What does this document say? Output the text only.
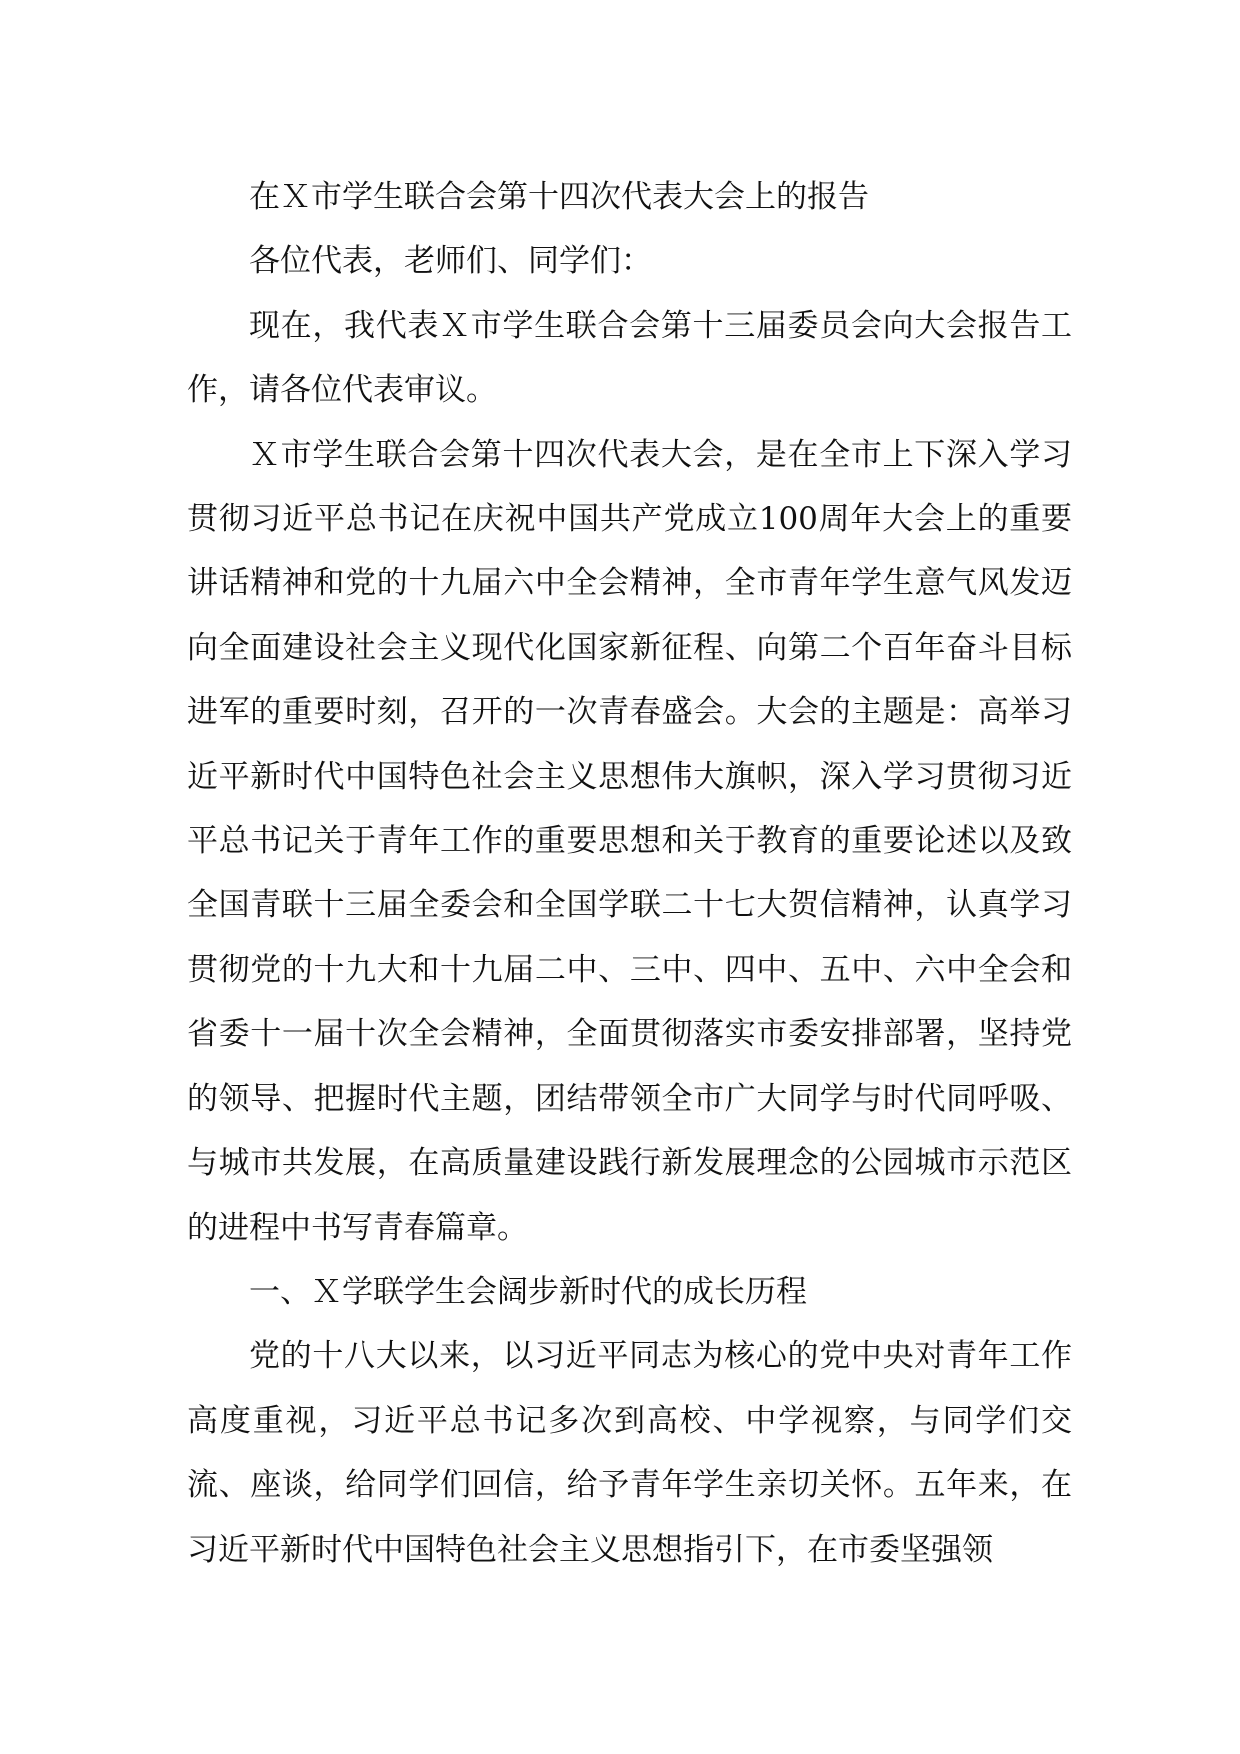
在Ｘ市学生联合会第十四次代表大会上的报告

各位代表，老师们、同学们：

现在，我代表Ｘ市学生联合会第十三届委员会向大会报告工作，请各位代表审议。

Ｘ市学生联合会第十四次代表大会，是在全市上下深入学习贯彻习近平总书记在庆祝中国共产党成立100周年大会上的重要讲话精神和党的十九届六中全会精神，全市青年学生意气风发迈向全面建设社会主义现代化国家新征程、向第二个百年奋斗目标进军的重要时刻，召开的一次青春盛会。大会的主题是：高举习近平新时代中国特色社会主义思想伟大旗帜，深入学习贯彻习近平总书记关于青年工作的重要思想和关于教育的重要论述以及致全国青联十三届全委会和全国学联二十七大贺信精神，认真学习贯彻党的十九大和十九届二中、三中、四中、五中、六中全会和省委十一届十次全会精神，全面贯彻落实市委安排部署，坚持党的领导、把握时代主题，团结带领全市广大同学与时代同呼吸、与城市共发展，在高质量建设践行新发展理念的公园城市示范区的进程中书写青春篇章。

一、Ｘ学联学生会阔步新时代的成长历程

党的十八大以来，以习近平同志为核心的党中央对青年工作高度重视，习近平总书记多次到高校、中学视察，与同学们交流、座谈，给同学们回信，给予青年学生亲切关怀。五年来，在习近平新时代中国特色社会主义思想指引下，在市委坚强领
